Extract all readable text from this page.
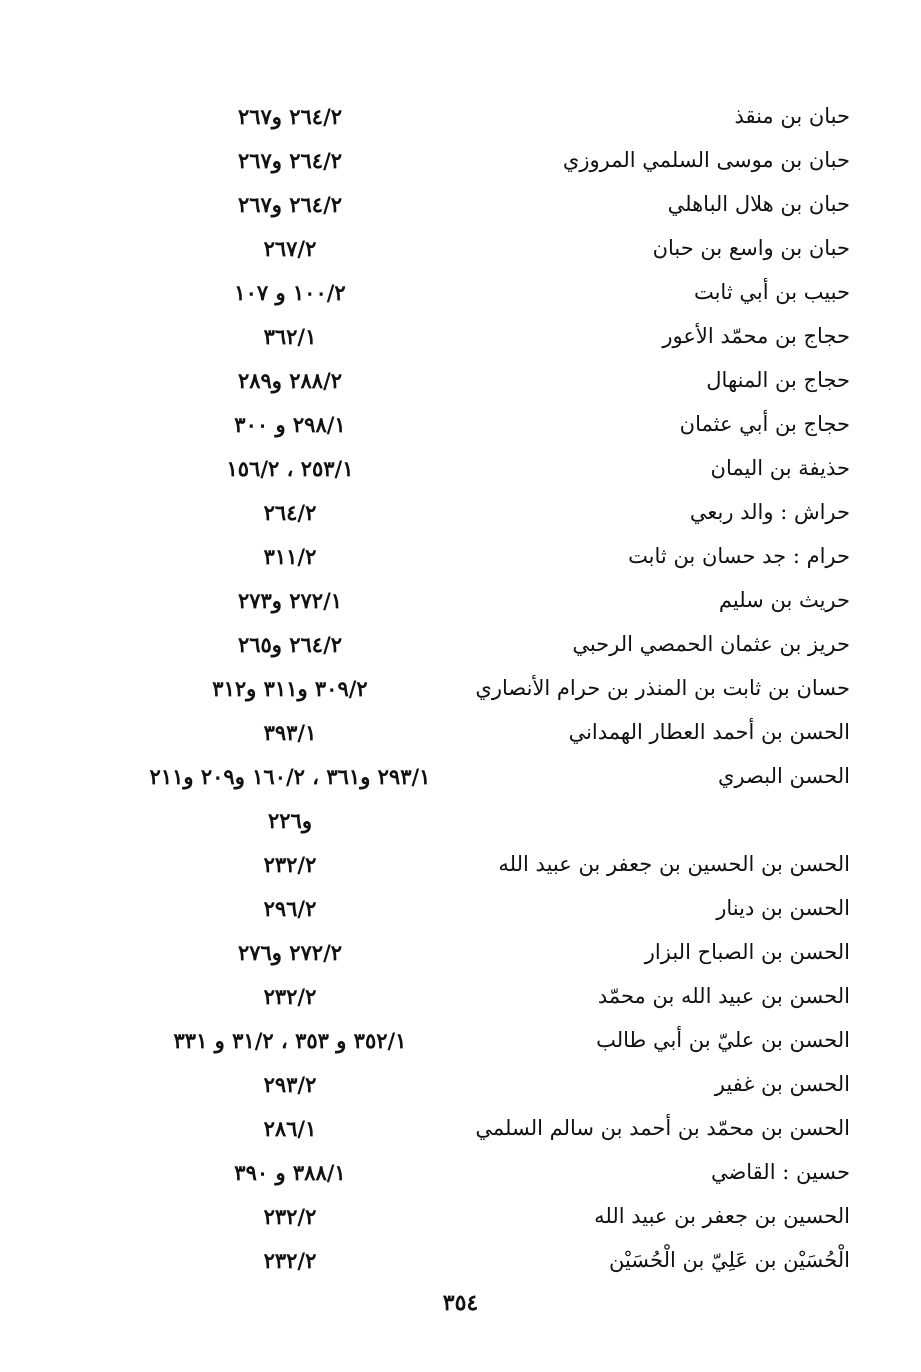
حبان بن منقذ
٢٦٤/٢ و٢٦٧
حبان بن موسى السلمي المروزي
٢٦٤/٢ و٢٦٧
حبان بن هلال الباهلي
٢٦٤/٢ و٢٦٧
حبان بن واسع بن حبان
٢٦٧/٢
حبيب بن أبي ثابت
١٠٠/٢ و ١٠٧
حجاج بن محمّد الأعور
٣٦٢/١
حجاج بن المنهال
٢٨٨/٢ و٢٨٩
حجاج بن أبي عثمان
٢٩٨/١ و ٣٠٠
حذيفة بن اليمان
٢٥٣/١ ، ١٥٦/٢
حراش : والد ربعي
٢٦٤/٢
حرام : جد حسان بن ثابت
٣١١/٢
حريث بن سليم
٢٧٢/١ و٢٧٣
حريز بن عثمان الحمصي الرحبي
٢٦٤/٢ و٢٦٥
حسان بن ثابت بن المنذر بن حرام الأنصاري
٣٠٩/٢ و٣١١ و٣١٢
الحسن بن أحمد العطار الهمداني
٣٩٣/١
الحسن البصري
٢٩٣/١ و٣٦١ ، ١٦٠/٢ و٢٠٩ و٢١١
و٢٢٦
الحسن بن الحسين بن جعفر بن عبيد الله
٢٣٢/٢
الحسن بن دينار
٢٩٦/٢
الحسن بن الصباح البزار
٢٧٢/٢ و٢٧٦
الحسن بن عبيد الله بن محمّد
٢٣٢/٢
الحسن بن عليّ بن أبي طالب
٣٥٢/١ و ٣٥٣ ، ٣١/٢ و ٣٣١
الحسن بن غفير
٢٩٣/٢
الحسن بن محمّد بن أحمد بن سالم السلمي
٢٨٦/١
حسين : القاضي
٣٨٨/١ و ٣٩٠
الحسين بن جعفر بن عبيد الله
٢٣٢/٢
الْحُسَيْن بن عَلِيّ بن الْحُسَيْن
٢٣٢/٢
٣٥٤
